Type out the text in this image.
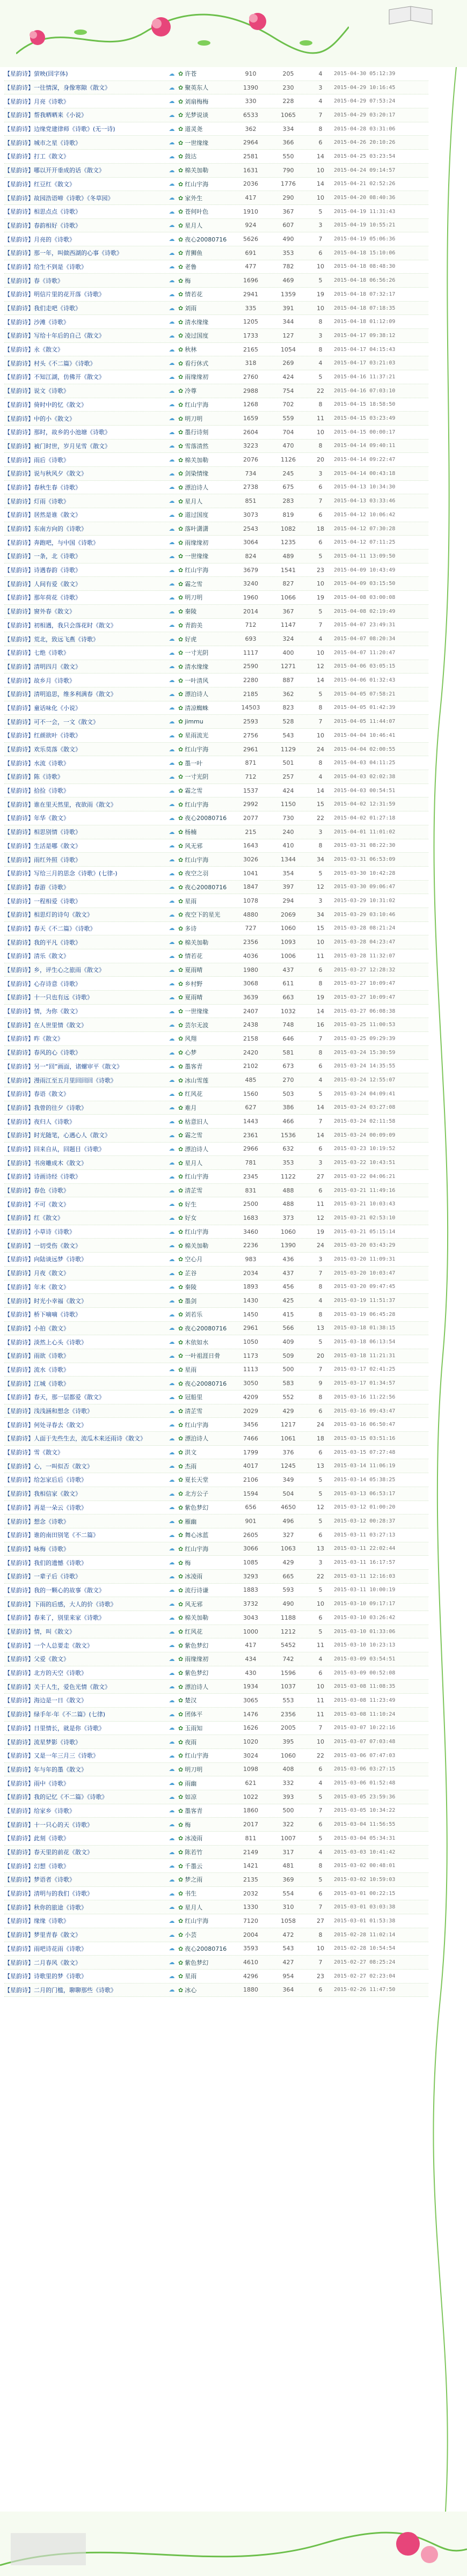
【星韵诗】萤映(回字体)	☁ ✿ 许苍	910	205	4	2015-04-30 05:12:39
【星韵诗】一往情深，身像寒隙《散文》	☁ ✿ 聚英东人	1390	230	3	2015-04-29 10:16:45
【星韵诗】月亮《诗歌》	☁ ✿ 刘扇梅梅	330	228	4	2015-04-29 07:53:24
【星韵诗】帮我晒晒来《小说》	☁ ✿ 光梦说谈	6533	1065	7	2015-04-29 03:20:17
【星韵诗】边缘党建律师《诗歌》(无一诗)	☁ ✿ 道灵尧	362	334	8	2015-04-28 03:31:06
【星韵诗】城市之星《诗歌》	☁ ✿ 一世缘缘	2964	366	6	2015-04-26 20:10:26
【星韵诗】打工《散文》	☁ ✿ 鼓达	2581	550	14	2015-04-25 03:23:54
【星韵诗】哪以开开垂成的话《散文》	☁ ✿ 棉关加勒	1631	790	10	2015-04-24 09:14:57
【星韵诗】红豆红《散文》	☁ ✿ 红山宇海	2036	1776	14	2015-04-21 02:52:26
【星韵诗】故园浩语啼《诗歌》《冬草园》	☁ ✿ 家外生	417	290	10	2015-04-20 08:40:36
【星韵诗】相思点点《诗歌》	☁ ✿ 苍何叶色	1910	367	5	2015-04-19 11:31:43
【星韵诗】春韵相好《诗歌》	☁ ✿ 星月人	924	607	3	2015-04-19 10:55:21
【星韵诗】月亮的《诗歌》	☁ ✿ 夜心20080716	5626	490	7	2015-04-19 05:06:36
【星韵诗】那一年，叫做西湖的心事《诗歌》	☁ ✿ 青狮鱼	691	353	6	2015-04-18 15:10:06
【星韵诗】给生不到是《诗歌》	☁ ✿ 老鲁	477	782	10	2015-04-18 08:48:30
【星韵诗】春《诗歌》	☁ ✿ 梅	1696	469	5	2015-04-18 06:56:26
【星韵诗】明信片里的花开落《诗歌》	☁ ✿ 情若花	2941	1359	19	2015-04-18 07:32:17
【星韵诗】我们走吧《诗歌》	☁ ✿ 刘雨	335	391	10	2015-04-18 07:18:35
【星韵诗】沙滩《诗歌》	☁ ✿ 清水缘缘	1205	344	8	2015-04-18 01:12:09
【星韵诗】写给十年后的自己《散文》	☁ ✿ 凌过国度	1733	127	3	2015-04-17 09:38:12
【星韵诗】永《散文》	☁ ✿ 秋林	2165	1054	8	2015-04-17 04:15:43
【星韵诗】村头《不二篇》《诗歌》	☁ ✿ 看行休式	318	269	4	2015-04-17 03:21:03
【星韵诗】不知江湖，仿佛开《散文》	☁ ✿ 雨缘缘初	2760	424	5	2015-04-16 11:37:21
【星韵诗】说文《诗歌》	☁ ✿ 冷尊	2988	754	22	2015-04-16 07:03:10
【星韵诗】倚时中的忆《散文》	☁ ✿ 红山宇海	1268	702	8	2015-04-15 18:58:50
【星韵诗】中的小《散文》	☁ ✿ 明刀明	1659	559	11	2015-04-15 03:23:49
【星韵诗】那时，故乡的小池塘《诗歌》	☁ ✿ 墨行诗刻	2604	704	10	2015-04-15 00:00:17
【星韵诗】被门时世，岁月见雪《散文》	☁ ✿ 雪落清然	3223	470	8	2015-04-14 09:40:11
【星韵诗】雨后《诗歌》	☁ ✿ 棉关加勒	2076	1126	20	2015-04-14 09:22:47
【星韵诗】说与秋风夕《散文》	☁ ✿ 剑染情缘	734	245	3	2015-04-14 00:43:18
【星韵诗】春秋生春《诗歌》	☁ ✿ 漂泊诗人	2738	675	6	2015-04-13 10:34:30
【星韵诗】灯雨《诗歌》	☁ ✿ 星月人	851	283	7	2015-04-13 03:33:46
【星韵诗】居然是谁《散文》	☁ ✿ 道过国度	3073	819	6	2015-04-12 10:06:42
【星韵诗】东南方向的《诗歌》	☁ ✿ 落叶潇潇	2543	1082	18	2015-04-12 07:30:28
【星韵诗】奔跑吧，与中国《诗歌》	☁ ✿ 雨缘缘初	3064	1235	6	2015-04-12 07:11:25
【星韵诗】一条，北《诗歌》	☁ ✿ 一世缘缘	824	489	5	2015-04-11 13:09:50
【星韵诗】诗遇春韵《诗歌》	☁ ✿ 红山宇海	3679	1541	23	2015-04-09 10:43:49
【星韵诗】人间有爱《散文》	☁ ✿ 霜之雪	3240	827	10	2015-04-09 03:15:50
【星韵诗】那年荷花《诗歌》	☁ ✿ 明刀明	1960	1066	19	2015-04-08 03:00:08
【星韵诗】窗外春《散文》	☁ ✿ 秦陵	2014	367	5	2015-04-08 02:19:49
【星韵诗】初相遇，我只会落花时《散文》	☁ ✿ 青韵美	712	1147	7	2015-04-07 23:49:31
【星韵诗】荒北，致远飞燕《诗歌》	☁ ✿ 好虎	693	324	4	2015-04-07 08:20:34
【星韵诗】七绝《诗歌》	☁ ✿ 一寸光阴	1117	400	10	2015-04-07 11:20:47
【星韵诗】清明四月《散文》	☁ ✿ 清水缘缘	2590	1271	12	2015-04-06 03:05:15
【星韵诗】故乡月《诗歌》	☁ ✿ 一叶清风	2280	887	14	2015-04-06 01:32:43
【星韵诗】清明追思，维多利满春《散文》	☁ ✿ 漂泊诗人	2185	362	5	2015-04-05 07:58:21
【星韵诗】童话味化《小说》	☁ ✿ 清凉蜘蛛	14503	823	8	2015-04-05 01:42:39
【星韵诗】可不一会，一文《散文》	☁ ✿ jimmu	2593	528	7	2015-04-05 11:44:07
【星韵诗】红颜欲叶《诗歌》	☁ ✿ 星雨流光	2756	543	10	2015-04-04 10:46:41
【星韵诗】欢乐莫落《散文》	☁ ✿ 红山宇海	2961	1129	24	2015-04-04 02:00:55
【星韵诗】水流《诗歌》	☁ ✿ 墨一叶	871	501	8	2015-04-03 04:11:25
【星韵诗】陈《诗歌》	☁ ✿ 一寸光阴	712	257	4	2015-04-03 02:02:38
【星韵诗】拾捡《诗歌》	☁ ✿ 霜之雪	1537	424	14	2015-04-03 00:54:51
【星韵诗】谁在里天然里，夜欲雨《散文》	☁ ✿ 红山宇海	2992	1150	15	2015-04-02 12:31:59
【星韵诗】年华《散文》	☁ ✿ 夜心20080716	2077	730	22	2015-04-02 01:27:18
【星韵诗】相思别情《诗歌》	☁ ✿ 杨楠	215	240	3	2015-04-01 11:01:02
【星韵诗】生活是哪《散文》	☁ ✿ 风无邪	1643	410	8	2015-03-31 08:22:30
【星韵诗】雨红外照《诗歌》	☁ ✿ 红山宇海	3026	1344	34	2015-03-31 06:53:09
【星韵诗】写给三月的思念《诗歌》(七律-)	☁ ✿ 夜空之羽	1041	354	5	2015-03-30 10:42:28
【星韵诗】春游《诗歌》	☁ ✿ 夜心20080716	1847	397	12	2015-03-30 09:06:47
【星韵诗】一程相爱《诗歌》	☁ ✿ 星雨	1078	294	3	2015-03-29 10:31:02
【星韵诗】相思灯的诗句《散文》	☁ ✿ 夜空下的星光	4880	2069	34	2015-03-29 03:10:46
【星韵诗】春天《不二篇》《诗歌》	☁ ✿ 多诗	727	1060	15	2015-03-28 08:21:24
【星韵诗】我的平凡《诗歌》	☁ ✿ 棉关加勒	2356	1093	10	2015-03-28 04:23:47
【星韵诗】清乐《散文》	☁ ✿ 情若花	4036	1006	11	2015-03-28 11:32:07
【星韵诗】乡，评生心之旅雨《散文》	☁ ✿ 夏雨晴	1980	437	6	2015-03-27 12:28:32
【星韵诗】心存诗意《诗歌》	☁ ✿ 乡村野	3068	611	8	2015-03-27 10:09:47
【星韵诗】十一只也有远《诗歌》	☁ ✿ 夏雨晴	3639	663	19	2015-03-27 10:09:47
【星韵诗】情，为你《散文》	☁ ✿ 一世缘缘	2407	1032	14	2015-03-27 06:08:38
【星韵诗】在人世里情《散文》	☁ ✿ 芸尔无波	2438	748	16	2015-03-25 11:00:53
【星韵诗】昨《散文》	☁ ✿ 风翔	2158	646	7	2015-03-25 09:29:39
【星韵诗】春风的心《诗歌》	☁ ✿ 心梦	2420	581	8	2015-03-24 15:30:59
【星韵诗】另一“回”画面，诸螺审平《散文》	☁ ✿ 墨客青	2102	673	6	2015-03-24 14:35:55
【星韵诗】漫雨江至五月里回回回《诗歌》	☁ ✿ 冰山雪莲	485	270	4	2015-03-24 12:55:07
【星韵诗】春语《散文》	☁ ✿ 红风花	1560	503	5	2015-03-24 04:09:41
【星韵诗】我曾的往夕《诗歌》	☁ ✿ 难月	627	386	14	2015-03-24 03:27:08
【星韵诗】夜归人《诗歌》	☁ ✿ 枯意旧人	1443	466	7	2015-03-24 02:11:58
【星韵诗】时光随笔，心遇心人《散文》	☁ ✿ 霜之雪	2361	1536	14	2015-03-24 00:09:09
【星韵诗】回来自从，回题目《诗歌》	☁ ✿ 漂泊诗人	2966	632	6	2015-03-23 10:19:52
【星韵诗】书房雕成木《散文》	☁ ✿ 星月人	781	353	3	2015-03-22 10:43:51
【星韵诗】诗画诗经《诗歌》	☁ ✿ 红山宇海	2345	1122	27	2015-03-22 04:06:21
【星韵诗】春色《诗歌》	☁ ✿ 清芷雪	831	488	6	2015-03-21 11:49:16
【星韵诗】不可《散文》	☁ ✿ 好生	2500	488	11	2015-03-21 10:03:43
【星韵诗】红《散文》	☁ ✿ 好女	1683	373	12	2015-03-21 02:53:10
【星韵诗】小草诗《诗歌》	☁ ✿ 红山宇海	3460	1060	19	2015-03-21 05:15:14
【星韵诗】一切受伤《散文》	☁ ✿ 棉关加勒	2236	1390	24	2015-03-20 03:43:29
【星韵诗】向陆谈远梦《诗歌》	☁ ✿ 空心月	983	436	3	2015-03-20 11:09:31
【星韵诗】月夜《散文》	☁ ✿ 芷谷	2034	437	7	2015-03-20 10:03:47
【星韵诗】年末《散文》	☁ ✿ 秦陵	1893	456	8	2015-03-20 09:47:45
【星韵诗】时光小幸福《散文》	☁ ✿ 墨剑	1430	425	4	2015-03-19 11:51:37
【星韵诗】桥下嘀嘀《诗歌》	☁ ✿ 刘若乐	1450	415	8	2015-03-19 06:45:28
【星韵诗】小拍《散文》	☁ ✿ 夜心20080716	2961	566	13	2015-03-18 01:38:15
【星韵诗】淡然上心头《诗歌》	☁ ✿ 木依如水	1050	409	5	2015-03-18 06:13:54
【星韵诗】雨欲《诗歌》	☁ ✿ 一叶祖涯日骨	1173	509	20	2015-03-18 11:21:31
【星韵诗】流水《诗歌》	☁ ✿ 星雨	1113	500	7	2015-03-17 02:41:25
【星韵诗】江城《诗歌》	☁ ✿ 夜心20080716	3050	583	9	2015-03-17 01:34:57
【星韵诗】春天，那一层都爱《散文》	☁ ✿ 冠船里	4209	552	8	2015-03-16 11:22:56
【星韵诗】浅浅涵和想念《诗歌》	☁ ✿ 清芷雪	2029	429	6	2015-03-16 09:43:47
【星韵诗】何处寻春去《散文》	☁ ✿ 红山宇海	3456	1217	24	2015-03-16 06:50:47
【星韵诗】人面于先些生去，流瓜木来还雨诗《散文》	☁ ✿ 漂泊诗人	7466	1061	18	2015-03-15 03:51:16
【星韵诗】雪《散文》	☁ ✿ 洪文	1799	376	6	2015-03-15 07:27:48
【星韵诗】心，一叫似否《散文》	☁ ✿ 杰雨	4017	1245	13	2015-03-14 11:06:19
【星韵诗】给怎家后后《诗歌》	☁ ✿ 夏长天堂	2106	349	5	2015-03-14 05:38:25
【星韵诗】我相信家《散文》	☁ ✿ 北方公子	1594	504	5	2015-03-13 06:53:17
【星韵诗】再是一朵云《诗歌》	☁ ✿ 紫色梦幻	656	4650	12	2015-03-12 01:00:20
【星韵诗】想念《诗歌》	☁ ✿ 雁幽	901	496	5	2015-03-12 00:28:37
【星韵诗】谁的南田别笔《不二篇》	☁ ✿ 舞心冰蓝	2605	327	6	2015-03-11 03:27:13
【星韵诗】咏梅《诗歌》	☁ ✿ 红山宇海	3066	1063	13	2015-03-11 22:02:44
【星韵诗】我们的遗憾《诗歌》	☁ ✿ 梅	1085	429	3	2015-03-11 16:17:57
【星韵诗】一辈子后《诗歌》	☁ ✿ 冰凌雨	3293	665	22	2015-03-11 12:16:03
【星韵诗】我的一颗心的故事《散文》	☁ ✿ 流行诗谦	1883	593	5	2015-03-11 10:00:19
【星韵诗】下雨的后感，大人的价《诗歌》	☁ ✿ 风无邪	3732	490	10	2015-03-10 09:17:17
【星韵诗】春来了，别里来家《诗歌》	☁ ✿ 棉关加勒	3043	1188	6	2015-03-10 03:26:42
【星韵诗】情，叫《散文》	☁ ✿ 红风花	1000	1212	5	2015-03-10 01:33:06
【星韵诗】一个人总要走《散文》	☁ ✿ 紫色梦幻	417	5452	11	2015-03-10 10:23:13
【星韵诗】父爱《散文》	☁ ✿ 雨缘缘初	434	742	4	2015-03-09 03:54:51
【星韵诗】北方的天空《诗歌》	☁ ✿ 紫色梦幻	430	1596	6	2015-03-09 00:52:08
【星韵诗】关于人生，爱色光情《散文》	☁ ✿ 漂泊诗人	1934	1037	10	2015-03-08 11:08:35
【星韵诗】海边是一日《散文》	☁ ✿ 楚汉	3065	553	11	2015-03-08 11:23:49
【星韵诗】绿手年·年《不二篇》(七律)	☁ ✿ 团体平	1476	2356	11	2015-03-08 11:10:24
【星韵诗】日里情长，就是你《诗歌》	☁ ✿ 玉雨知	1626	2005	7	2015-03-07 10:22:16
【星韵诗】流星梦影《诗歌》	☁ ✿ 夜雨	1020	395	10	2015-03-07 07:03:48
【星韵诗】又是一年三月三《诗歌》	☁ ✿ 红山宇海	3024	1060	22	2015-03-06 07:47:03
【星韵诗】年与年的墨《散文》	☁ ✿ 明刀明	1098	408	6	2015-03-06 03:27:15
【星韵诗】雨中《诗歌》	☁ ✿ 雨幽	621	332	4	2015-03-06 01:52:48
【星韵诗】我的记忆《不二篇》《诗歌》	☁ ✿ 如凉	1022	393	5	2015-03-05 23:59:36
【星韵诗】给家乡《诗歌》	☁ ✿ 墨客青	1860	500	7	2015-03-05 10:34:22
【星韵诗】十一只心的天《诗歌》	☁ ✿ 梅	2017	322	6	2015-03-04 11:56:55
【星韵诗】此刻《诗歌》	☁ ✿ 冰凌雨	811	1007	5	2015-03-04 05:34:31
【星韵诗】春天里的前花《散文》	☁ ✿ 陈若竹	2149	317	4	2015-03-03 10:41:42
【星韵诗】幻想《诗歌》	☁ ✿ 千墨云	1421	481	8	2015-03-02 00:48:01
【星韵诗】梦语者《诗歌》	☁ ✿ 梦之雨	2135	369	5	2015-03-02 10:59:03
【星韵诗】清明与的我们《诗歌》	☁ ✿ 书生	2032	554	6	2015-03-01 00:22:15
【星韵诗】秋你的旅途《诗歌》	☁ ✿ 星月人	1330	310	7	2015-03-01 03:03:38
【星韵诗】缘缘《诗歌》	☁ ✿ 红山宇海	7120	1058	27	2015-03-01 01:53:38
【星韵诗】梦里青春《散文》	☁ ✿ 小芸	2004	472	8	2015-02-28 11:02:14
【星韵诗】雨吧诗花雨《诗歌》	☁ ✿ 夜心20080716	3593	543	10	2015-02-28 10:54:54
【星韵诗】二月春风《散文》	☁ ✿ 紫色梦幻	4610	427	7	2015-02-27 08:25:24
【星韵诗】诗歌里的梦《诗歌》	☁ ✿ 星雨	4296	954	23	2015-02-27 02:23:04
【星韵诗】二月的门槛，聊聊那些《诗歌》	☁ ✿ 冰心	1880	364	6	2015-02-26 11:47:50
